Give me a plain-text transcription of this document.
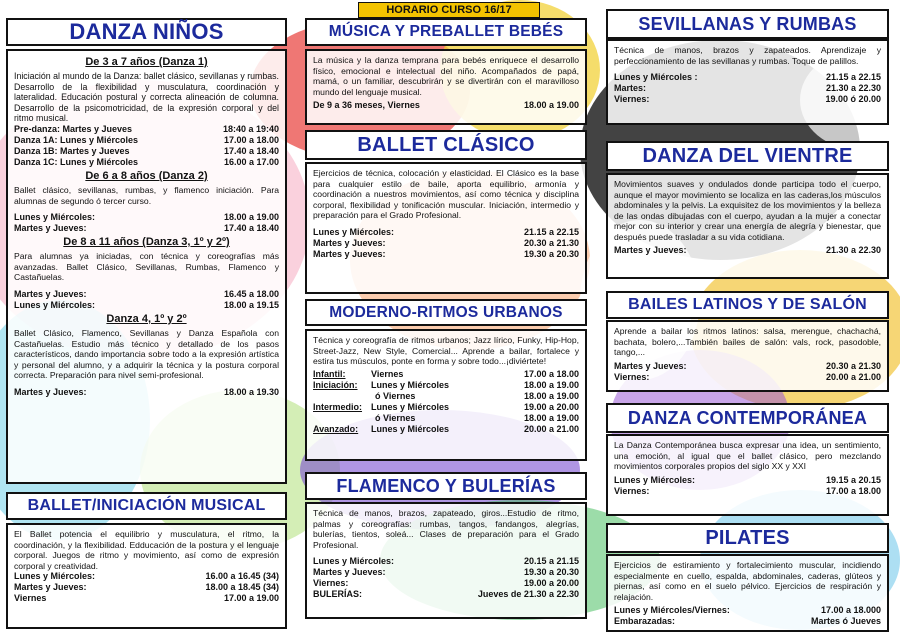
HORARIO CURSO 16/17
DANZA NIÑOS
De 3 a 7 años (Danza 1)

Iniciación al mundo de la Danza: ballet clásico, sevillanas y rumbas. Desarrollo de la flexibilidad y musculatura, coordinación y lateralidad. Educación postural y correcta alineación de columna. Desarrollo de la psicomotricidad, de la expresión corporal y del ritmo musical.

Pre-danza: Martes y Jueves	18:40 a 19:40
Danza 1A: Lunes y Miércoles	17.00 a 18.00
Danza 1B: Martes y Jueves	17.40 a 18.40
Danza 1C: Lunes y Miércoles	16.00 a 17.00
De 6 a 8 años (Danza 2)

Ballet clásico, sevillanas, rumbas, y flamenco iniciación. Para alumnas de segundo ó tercer curso.

Lunes y Miércoles:	18.00 a 19.00
Martes y Jueves:	17.40 a 18.40
De 8 a 11 años (Danza 3, 1º y 2º)

Para alumnas ya iniciadas, con técnica y coreografías más avanzadas. Ballet Clásico, Sevillanas, Rumbas, Flamenco y Castañuelas.

Martes y Jueves:	16.45 a 18.00
Lunes y Miércoles:	18.00 a 19.15
Danza 4, 1º y 2º

Ballet Clásico, Flamenco, Sevillanas y Danza Española con Castañuelas. Estudio más técnico y detallado de los pasos característicos, dando importancia sobre todo a la expresión artística y personal del alumno, y a adquirir la técnica y la postura corporal correcta. Preparación para nivel semi-profesional.

Martes y Jueves:	18.00 a 19.30
BALLET/INICIACIÓN MUSICAL

El Ballet potencia el equilibrio y musculatura, el ritmo, la coordinación, y la flexibilidad. Edducación de la postura y el lenguaje corporal. Juegos de ritmo y movimiento, así como de expresión corporal y creatividad.

Lunes y Miércoles:	16.00 a 16.45 (34)
Martes y Jueves:	18.00 a 18.45 (34)
Viernes	17.00 a 19.00
MÚSICA Y PREBALLET BEBÉS

La música y la danza temprana para bebés enriquece el desarrollo físico, emocional e intelectual del niño. Acompañados de papá, mamá, o un familiar, descubrirán y se divertirán con el maravilloso mundo del lenguaje musical.

De 9 a 36 meses, Viernes	18.00 a 19.00
BALLET CLÁSICO

Ejercicios de técnica, colocación y elasticidad. El Clásico es la base para cualquier estilo de baile, aporta equilibrio, armonía y coordinación a nuestros movimientos, así como técnica y disciplina corporal, flexibilidad y tonificación muscular. Iniciación, intermedio y preparación para el Grado Profesional.

Lunes y Miércoles:	21.15 a 22.15
Martes y Jueves:	20.30 a 21.30
Martes y Jueves:	19.30 a 20.30
MODERNO-RITMOS URBANOS

Técnica y coreografía de ritmos urbanos; Jazz lírico, Funky, Hip-Hop, Street-Jazz, New Style, Comercial... Aprende a bailar, fortalece y estira tus músculos, ponte en forma y sobre todo...¡diviértete!

Infantil:	Viernes	17.00 a 18.00
Iniciación:	Lunes y Miércoles	18.00 a 19.00
ó Viernes	18.00 a 19.00
Intermedio: Lunes y Miércoles	19.00 a 20.00
ó Viernes	18.00 a 19.00
Avanzado:	Lunes y Miércoles	20.00 a 21.00
FLAMENCO Y BULERÍAS

Técnica de manos, brazos, zapateado, giros...Estudio de ritmo, palmas y coreografías: rumbas, tangos, fandangos, alegrías, bulerías, tientos, soleá... Clases de preparación para el Grado Profesional.

Lunes y Miércoles:	20.15 a 21.15
Martes y Jueves:	19.30 a 20.30
Viernes:	19.00 a 20.00
BULERÍAS:	Jueves de 21.30 a 22.30
SEVILLANAS Y RUMBAS

Técnica de manos, brazos y zapateados. Aprendizaje y perfeccionamiento de las sevillanas y rumbas. Toque de palillos.

Lunes y Miércoles :	21.15 a 22.15
Martes:	21.30 a 22.30
Viernes:	19.00 ó 20.00
DANZA DEL VIENTRE

Movimientos suaves y ondulados donde participa todo el cuerpo, aunque el mayor movimiento se localiza en las caderas,los músculos abdominales y la pelvis. La exquisitez de los movimientos y la belleza de las ondas dibujadas con el cuerpo, ayudan a la mujer a conectar mejor con su interior y crear una energía de alegría y bienestar, que después puede trasladar a su vida cotidiana.

Martes y Jueves:	21.30 a 22.30
BAILES LATINOS Y DE SALÓN

Aprende a bailar los ritmos latinos: salsa, merengue, chachachá, bachata, bolero,...También bailes de salón: vals, rock, pasodoble, tango,...

Martes y Jueves:	20.30 a 21.30
Viernes:	20.00 a 21.00
DANZA CONTEMPORÁNEA

La Danza Contemporánea busca expresar una idea, un sentimiento, una emoción, al igual que el ballet clásico, pero mezclando movimientos corporales propios del siglo XX y XXI

Lunes y Miércoles:	19.15 a 20.15
Viernes:	17.00 a 18.00
PILATES

Ejercicios de estiramiento y fortalecimiento muscular, incidiendo especialmente en cuello, espalda, abdominales, caderas, glúteos y piernas, así como en el suelo pélvico. Ejercicios de respiración y relajación.

Lunes y Miércoles/Viernes:	17.00 a 18.000
Embarazadas:	Martes ó Jueves
